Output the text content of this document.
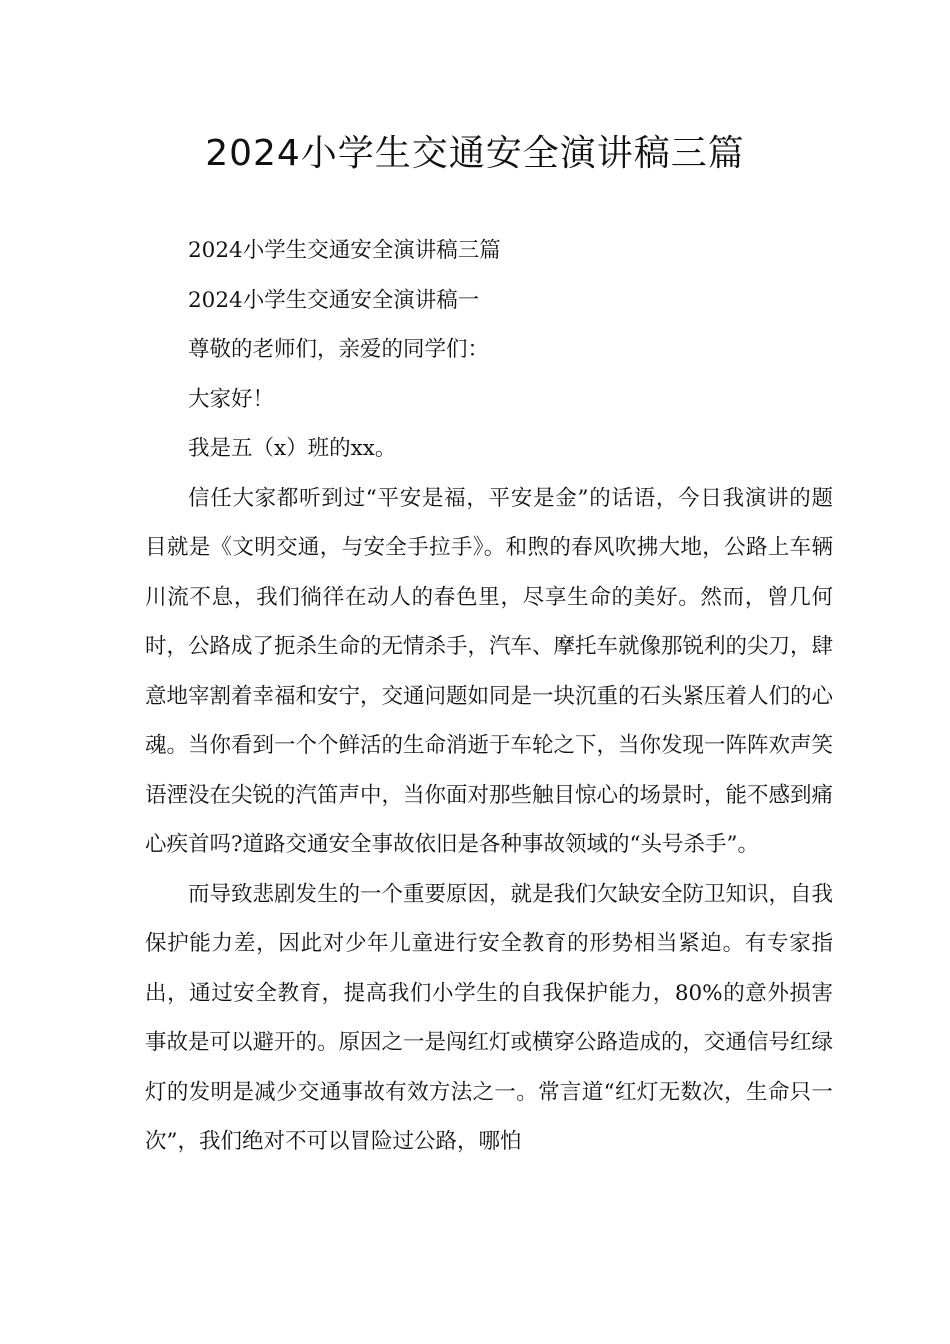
2024小学生交通安全演讲稿三篇

2024小学生交通安全演讲稿三篇

2024小学生交通安全演讲稿一

尊敬的老师们，亲爱的同学们：

大家好！

我是五（x）班的xx。

信任大家都听到过“平安是福，平安是金”的话语，今日我演讲的题目就是《文明交通，与安全手拉手》。和煦的春风吹拂大地，公路上车辆川流不息，我们徜徉在动人的春色里，尽享生命的美好。然而，曾几何时，公路成了扼杀生命的无情杀手，汽车、摩托车就像那锐利的尖刀，肆意地宰割着幸福和安宁，交通问题如同是一块沉重的石头紧压着人们的心魂。当你看到一个个鲜活的生命消逝于车轮之下，当你发现一阵阵欢声笑语湮没在尖锐的汽笛声中，当你面对那些触目惊心的场景时，能不感到痛心疾首吗?道路交通安全事故依旧是各种事故领域的“头号杀手”。

而导致悲剧发生的一个重要原因，就是我们欠缺安全防卫知识，自我保护能力差，因此对少年儿童进行安全教育的形势相当紧迫。有专家指出，通过安全教育，提高我们小学生的自我保护能力，80%的意外损害事故是可以避开的。原因之一是闯红灯或横穿公路造成的，交通信号红绿灯的发明是减少交通事故有效方法之一。常言道“红灯无数次，生命只一次”，我们绝对不可以冒险过公路，哪怕
